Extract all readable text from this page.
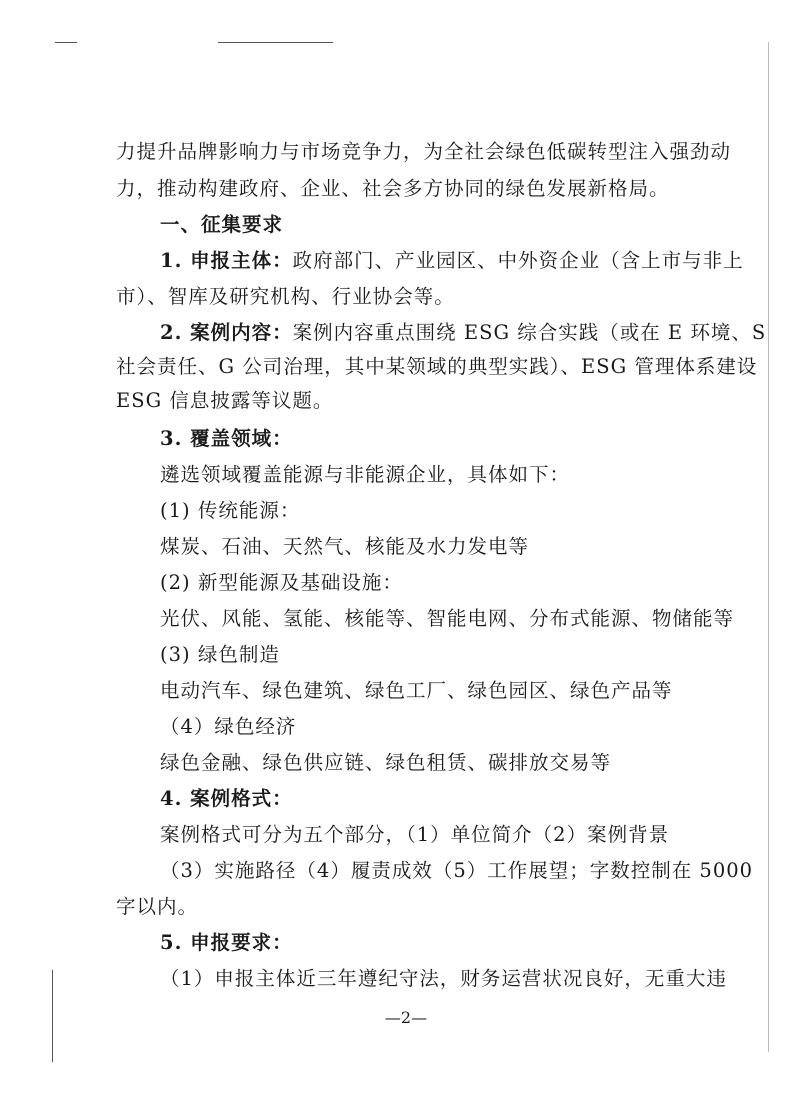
力提升品牌影响力与市场竞争力，为全社会绿色低碳转型注入强劲动
力，推动构建政府、企业、社会多方协同的绿色发展新格局。
一、征集要求
1. 申报主体：政府部门、产业园区、中外资企业（含上市与非上
市）、智库及研究机构、行业协会等。
2. 案例内容：案例内容重点围绕 ESG 综合实践（或在 E 环境、S
社会责任、G 公司治理，其中某领域的典型实践）、ESG 管理体系建设
ESG 信息披露等议题。
3. 覆盖领域：
遴选领域覆盖能源与非能源企业，具体如下：
(1) 传统能源：
煤炭、石油、天然气、核能及水力发电等
(2) 新型能源及基础设施：
光伏、风能、氢能、核能等、智能电网、分布式能源、物储能等
(3) 绿色制造
电动汽车、绿色建筑、绿色工厂、绿色园区、绿色产品等
（4）绿色经济
绿色金融、绿色供应链、绿色租赁、碳排放交易等
4. 案例格式：
案例格式可分为五个部分，（1）单位简介（2）案例背景
（3）实施路径（4）履责成效（5）工作展望；字数控制在 5000
字以内。
5. 申报要求：
（1）申报主体近三年遵纪守法，财务运营状况良好，无重大违
—2—
